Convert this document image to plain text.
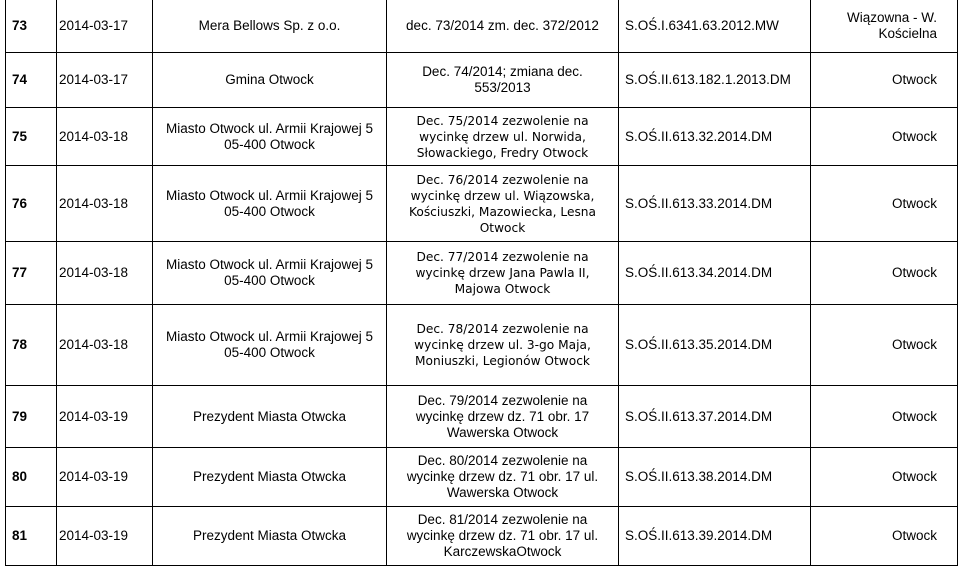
73	2014-03-17	Mera Bellows Sp. z o.o.	dec. 73/2014 zm. dec. 372/2012	S.OŚ.I.6341.63.2012.MW	Wiązowna - W.
Kościelna
74	2014-03-17	Gmina Otwock	Dec. 74/2014; zmiana dec.
553/2013	S.OŚ.II.613.182.1.2013.DM	Otwock
75	2014-03-18	Miasto Otwock ul. Armii Krajowej 5
05-400 Otwock	Dec. 75/2014 zezwolenie na
wycinkę drzew ul. Norwida,
Słowackiego, Fredry Otwock	S.OŚ.II.613.32.2014.DM	Otwock
76	2014-03-18	Miasto Otwock ul. Armii Krajowej 5
05-400 Otwock	Dec. 76/2014 zezwolenie na
wycinkę drzew ul. Wiązowska,
Kościuszki, Mazowiecka, Lesna
Otwock	S.OŚ.II.613.33.2014.DM	Otwock
77	2014-03-18	Miasto Otwock ul. Armii Krajowej 5
05-400 Otwock	Dec. 77/2014 zezwolenie na
wycinkę drzew Jana Pawla II,
Majowa Otwock	S.OŚ.II.613.34.2014.DM	Otwock
78	2014-03-18	Miasto Otwock ul. Armii Krajowej 5
05-400 Otwock	Dec. 78/2014 zezwolenie na
wycinkę drzew ul. 3-go Maja,
Moniuszki, Legionów Otwock	S.OŚ.II.613.35.2014.DM	Otwock
79	2014-03-19	Prezydent Miasta Otwcka	Dec. 79/2014 zezwolenie na
wycinkę drzew dz. 71 obr. 17
Wawerska Otwock	S.OŚ.II.613.37.2014.DM	Otwock
80	2014-03-19	Prezydent Miasta Otwcka	Dec. 80/2014 zezwolenie na
wycinkę drzew dz. 71 obr. 17 ul.
Wawerska Otwock	S.OŚ.II.613.38.2014.DM	Otwock
81	2014-03-19	Prezydent Miasta Otwcka	Dec. 81/2014 zezwolenie na
wycinkę drzew dz. 71 obr. 17 ul.
KarczewskaOtwock	S.OŚ.II.613.39.2014.DM	Otwock
